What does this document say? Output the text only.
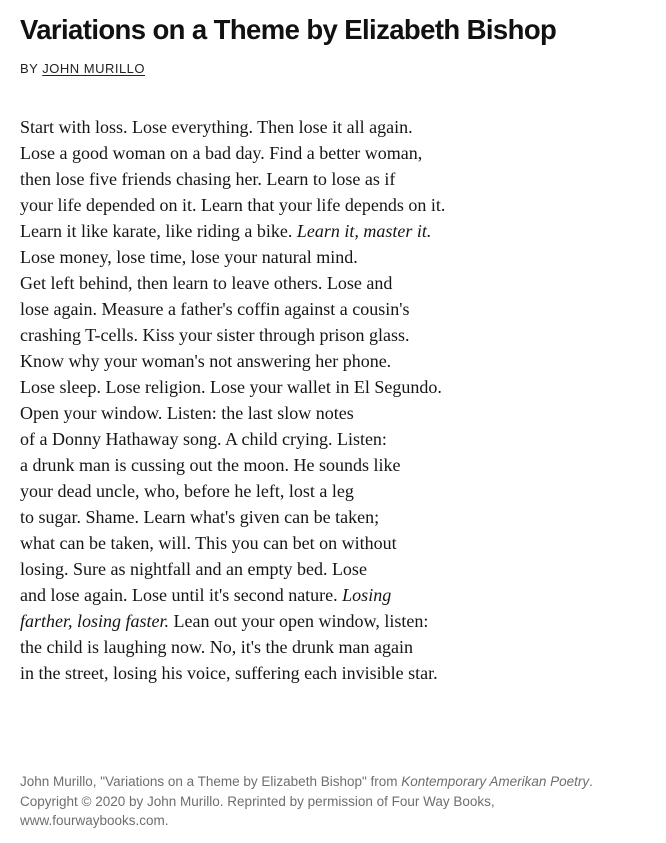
Variations on a Theme by Elizabeth Bishop
BY JOHN MURILLO
Start with loss. Lose everything. Then lose it all again.
Lose a good woman on a bad day. Find a better woman,
then lose five friends chasing her. Learn to lose as if
your life depended on it. Learn that your life depends on it.
Learn it like karate, like riding a bike. Learn it, master it.
Lose money, lose time, lose your natural mind.
Get left behind, then learn to leave others. Lose and
lose again. Measure a father's coffin against a cousin's
crashing T-cells. Kiss your sister through prison glass.
Know why your woman's not answering her phone.
Lose sleep. Lose religion. Lose your wallet in El Segundo.
Open your window. Listen: the last slow notes
of a Donny Hathaway song. A child crying. Listen:
a drunk man is cussing out the moon. He sounds like
your dead uncle, who, before he left, lost a leg
to sugar. Shame. Learn what's given can be taken;
what can be taken, will. This you can bet on without
losing. Sure as nightfall and an empty bed. Lose
and lose again. Lose until it's second nature. Losing
farther, losing faster. Lean out your open window, listen:
the child is laughing now. No, it's the drunk man again
in the street, losing his voice, suffering each invisible star.
John Murillo, "Variations on a Theme by Elizabeth Bishop" from Kontemporary Amerikan Poetry.
Copyright © 2020 by John Murillo. Reprinted by permission of Four Way Books,
www.fourwaybooks.com.
